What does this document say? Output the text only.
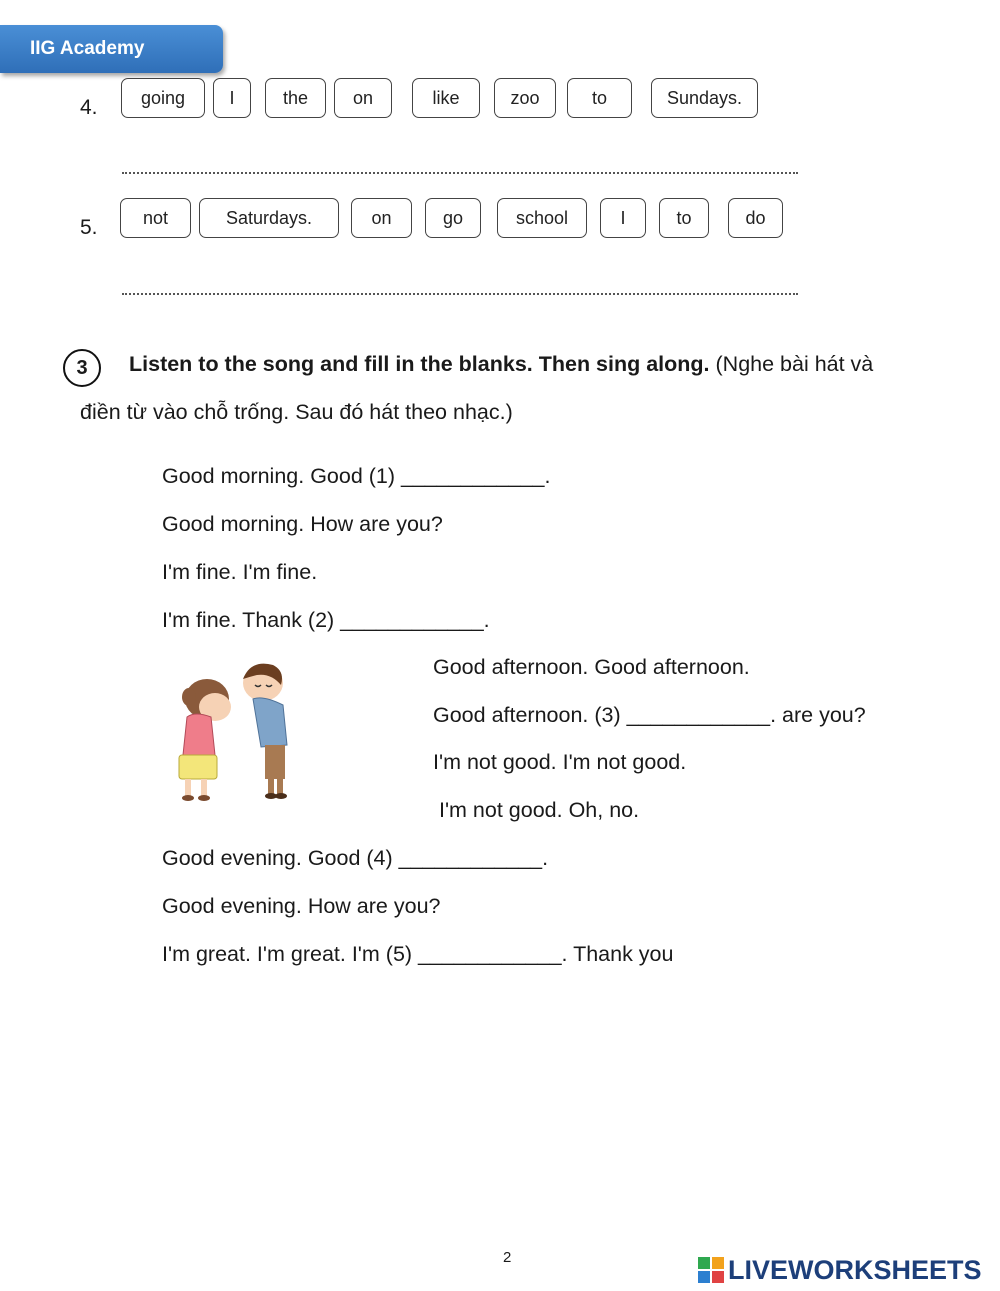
IIG Academy
4.	going	I	the	on	like	zoo	to	Sundays.
5.	not	Saturdays.	on	go	school	I	to	do
3	Listen to the song and fill in the blanks. Then sing along. (Nghe bài hát và
điền từ vào chỗ trống. Sau đó hát theo nhạc.)
Good morning. Good (1) ____________.
Good morning. How are you?
I'm fine. I'm fine.
I'm fine. Thank (2) ____________.
Good afternoon. Good afternoon.
Good afternoon. (3) ____________. are you?
I'm not good. I'm not good.
I'm not good. Oh, no.
Good evening. Good (4) ____________.
Good evening. How are you?
I'm great. I'm great. I'm (5) ____________. Thank you
2	LIVEWORKSHEETS
